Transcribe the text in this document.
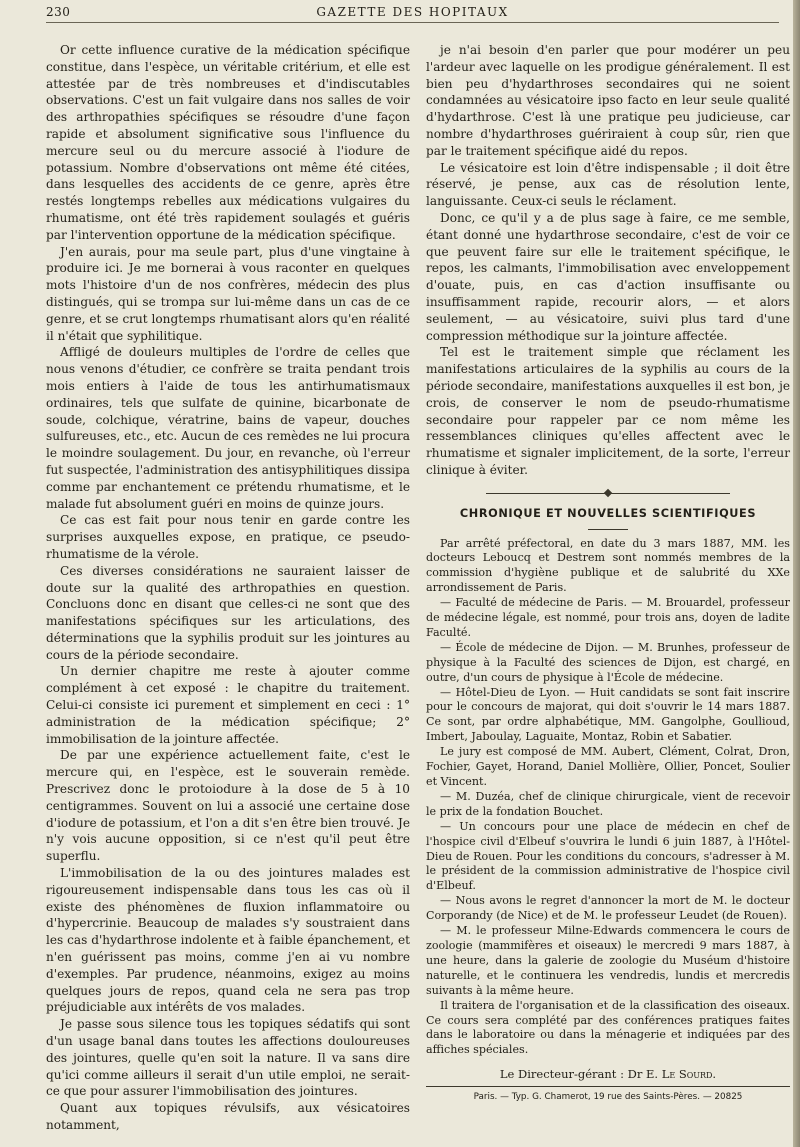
230	GAZETTE DES HOPITAUX

Or cette influence curative de la médication spécifique constitue, dans l'espèce, un véritable critérium, et elle est attestée par de très nombreuses et d'indiscutables observations. C'est un fait vulgaire dans nos salles de voir des arthropathies spécifiques se résoudre d'une façon rapide et absolument significative sous l'influence du mercure seul ou du mercure associé à l'iodure de potassium. Nombre d'observations ont même été citées, dans lesquelles des accidents de ce genre, après être restés longtemps rebelles aux médications vulgaires du rhumatisme, ont été très rapidement soulagés et guéris par l'intervention opportune de la médication spécifique.

J'en aurais, pour ma seule part, plus d'une vingtaine à produire ici. Je me bornerai à vous raconter en quelques mots l'histoire d'un de nos confrères, médecin des plus distingués, qui se trompa sur lui-même dans un cas de ce genre, et se crut longtemps rhumatisant alors qu'en réalité il n'était que syphilitique.

Affligé de douleurs multiples de l'ordre de celles que nous venons d'étudier, ce confrère se traita pendant trois mois entiers à l'aide de tous les antirhumatismaux ordinaires, tels que sulfate de quinine, bicarbonate de soude, colchique, vératrine, bains de vapeur, douches sulfureuses, etc., etc. Aucun de ces remèdes ne lui procura le moindre soulagement. Du jour, en revanche, où l'erreur fut suspectée, l'administration des antisyphilitiques dissipa comme par enchantement ce prétendu rhumatisme, et le malade fut absolument guéri en moins de quinze jours.

Ce cas est fait pour nous tenir en garde contre les surprises auxquelles expose, en pratique, ce pseudo-rhumatisme de la vérole.

Ces diverses considérations ne sauraient laisser de doute sur la qualité des arthropathies en question. Concluons donc en disant que celles-ci ne sont que des manifestations spécifiques sur les articulations, des déterminations que la syphilis produit sur les jointures au cours de la période secondaire.

Un dernier chapitre me reste à ajouter comme complément à cet exposé : le chapitre du traitement. Celui-ci consiste ici purement et simplement en ceci : 1° administration de la médication spécifique; 2° immobilisation de la jointure affectée.

De par une expérience actuellement faite, c'est le mercure qui, en l'espèce, est le souverain remède. Prescrivez donc le protoiodure à la dose de 5 à 10 centigrammes. Souvent on lui a associé une certaine dose d'iodure de potassium, et l'on a dit s'en être bien trouvé. Je n'y vois aucune opposition, si ce n'est qu'il peut être superflu.

L'immobilisation de la ou des jointures malades est rigoureusement indispensable dans tous les cas où il existe des phénomènes de fluxion inflammatoire ou d'hypercrinie. Beaucoup de malades s'y soustraient dans les cas d'hydarthrose indolente et à faible épanchement, et n'en guérissent pas moins, comme j'en ai vu nombre d'exemples. Par prudence, néanmoins, exigez au moins quelques jours de repos, quand cela ne sera pas trop préjudiciable aux intérêts de vos malades.

Je passe sous silence tous les topiques sédatifs qui sont d'un usage banal dans toutes les affections douloureuses des jointures, quelle qu'en soit la nature. Il va sans dire qu'ici comme ailleurs il serait d'un utile emploi, ne serait-ce que pour assurer l'immobilisation des jointures.

Quant aux topiques révulsifs, aux vésicatoires notamment,

je n'ai besoin d'en parler que pour modérer un peu l'ardeur avec laquelle on les prodigue généralement. Il est bien peu d'hydarthroses secondaires qui ne soient condamnées au vésicatoire ipso facto en leur seule qualité d'hydarthrose. C'est là une pratique peu judicieuse, car nombre d'hydarthroses guériraient à coup sûr, rien que par le traitement spécifique aidé du repos.

Le vésicatoire est loin d'être indispensable ; il doit être réservé, je pense, aux cas de résolution lente, languissante. Ceux-ci seuls le réclament.

Donc, ce qu'il y a de plus sage à faire, ce me semble, étant donné une hydarthrose secondaire, c'est de voir ce que peuvent faire sur elle le traitement spécifique, le repos, les calmants, l'immobilisation avec enveloppement d'ouate, puis, en cas d'action insuffisante ou insuffisamment rapide, recourir alors, — et alors seulement, — au vésicatoire, suivi plus tard d'une compression méthodique sur la jointure affectée.

Tel est le traitement simple que réclament les manifestations articulaires de la syphilis au cours de la période secondaire, manifestations auxquelles il est bon, je crois, de conserver le nom de pseudo-rhumatisme secondaire pour rappeler par ce nom même les ressemblances cliniques qu'elles affectent avec le rhumatisme et signaler implicitement, de la sorte, l'erreur clinique à éviter.

CHRONIQUE ET NOUVELLES SCIENTIFIQUES

Par arrêté préfectoral, en date du 3 mars 1887, MM. les docteurs Leboucq et Destrem sont nommés membres de la commission d'hygiène publique et de salubrité du XXe arrondissement de Paris.

— Faculté de médecine de Paris. — M. Brouardel, professeur de médecine légale, est nommé, pour trois ans, doyen de ladite Faculté.

— École de médecine de Dijon. — M. Brunhes, professeur de physique à la Faculté des sciences de Dijon, est chargé, en outre, d'un cours de physique à l'École de médecine.

— Hôtel-Dieu de Lyon. — Huit candidats se sont fait inscrire pour le concours de majorat, qui doit s'ouvrir le 14 mars 1887. Ce sont, par ordre alphabétique, MM. Gangolphe, Goullioud, Imbert, Jaboulay, Laguaite, Montaz, Robin et Sabatier.

Le jury est composé de MM. Aubert, Clément, Colrat, Dron, Fochier, Gayet, Horand, Daniel Mollière, Ollier, Poncet, Soulier et Vincent.

— M. Duzéa, chef de clinique chirurgicale, vient de recevoir le prix de la fondation Bouchet.

— Un concours pour une place de médecin en chef de l'hospice civil d'Elbeuf s'ouvrira le lundi 6 juin 1887, à l'Hôtel-Dieu de Rouen. Pour les conditions du concours, s'adresser à M. le président de la commission administrative de l'hospice civil d'Elbeuf.

— Nous avons le regret d'annoncer la mort de M. le docteur Corporandy (de Nice) et de M. le professeur Leudet (de Rouen).

— M. le professeur Milne-Edwards commencera le cours de zoologie (mammifères et oiseaux) le mercredi 9 mars 1887, à une heure, dans la galerie de zoologie du Muséum d'histoire naturelle, et le continuera les vendredis, lundis et mercredis suivants à la même heure.

Il traitera de l'organisation et de la classification des oiseaux. Ce cours sera complété par des conférences pratiques faites dans le laboratoire ou dans la ménagerie et indiquées par des affiches spéciales.

Le Directeur-gérant : Dr E. Le Sourd.
Paris. — Typ. G. Chamerot, 19 rue des Saints-Pères. — 20825
